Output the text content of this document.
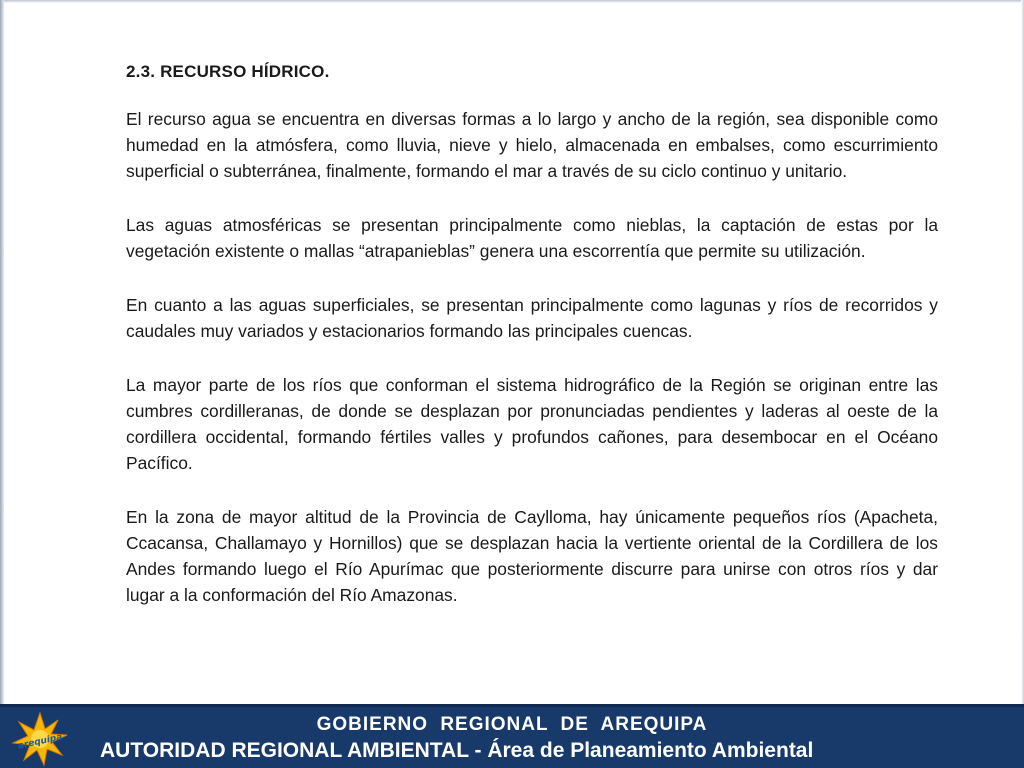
2.3. RECURSO HÍDRICO.

El recurso agua se encuentra en diversas formas a lo largo y ancho de la región, sea disponible como humedad en la atmósfera, como lluvia, nieve y hielo, almacenada en embalses, como escurrimiento superficial o subterránea, finalmente, formando el mar a través de su ciclo continuo y unitario.

Las aguas atmosféricas se presentan principalmente como nieblas, la captación de estas por la vegetación existente o mallas “atrapanieblas” genera una escorrentía que permite su utilización.

En cuanto a las aguas superficiales, se presentan principalmente como lagunas y ríos de recorridos y caudales muy variados y estacionarios formando las principales cuencas.

La mayor parte de los ríos que conforman el sistema hidrográfico de la Región se originan entre las cumbres cordilleranas, de donde se desplazan por pronunciadas pendientes y laderas al oeste de la cordillera occidental, formando fértiles valles y profundos cañones, para desembocar en el Océano Pacífico.

En la zona de mayor altitud de la Provincia de Caylloma, hay únicamente pequeños ríos (Apacheta, Ccacansa, Challamayo y Hornillos) que se desplazan hacia la vertiente oriental de la Cordillera de los Andes formando luego el Río Apurímac que posteriormente discurre para unirse con otros ríos y dar lugar a la conformación del Río Amazonas.

arequipa
GOBIERNO REGIONAL DE AREQUIPA
AUTORIDAD REGIONAL AMBIENTAL - Área de Planeamiento Ambiental
